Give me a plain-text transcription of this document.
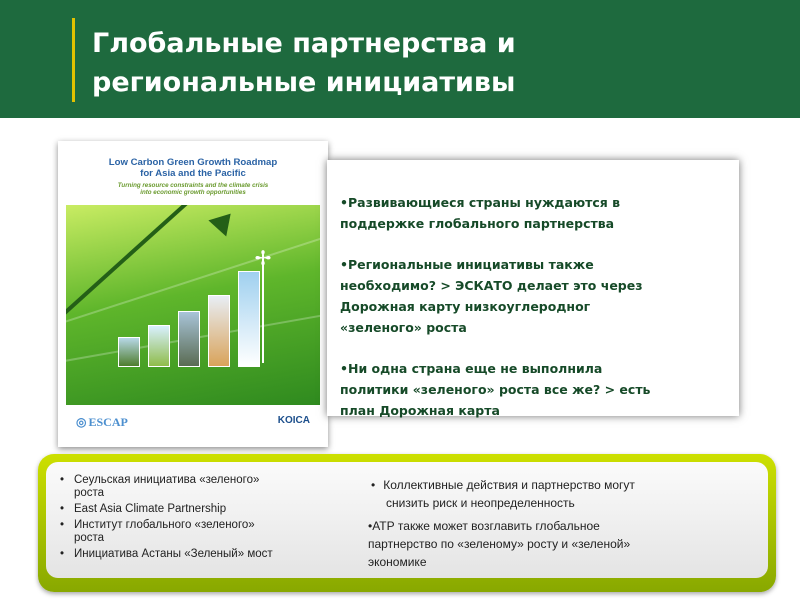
Глобальные партнерства и
региональные инициативы
Low Carbon Green Growth Roadmap
for Asia and the Pacific
Turning resource constraints and the climate crisis
into economic growth opportunities
✢
◎ ESCAP	KOICA

•Развивающиеся страны нуждаются в
поддержке глобального партнерства

•Региональные инициативы также
необходимо? > ЭСКАТО делает это через
Дорожная карту низкоуглеродног
«зеленого» роста

•Ни одна страна еще не выполнила
политики «зеленого» роста все же? > есть
план Дорожная карта

• Сеульская инициатива «зеленого»
роста
• East Asia Climate Partnership
• Институт глобального «зеленого»
роста
• Инициатива Астаны «Зеленый» мост

• Коллективные действия и партнерство могут
снизить риск и неопределенность

•АТР также может возглавить глобальное
партнерство по «зеленому» росту и «зеленой»
экономике
